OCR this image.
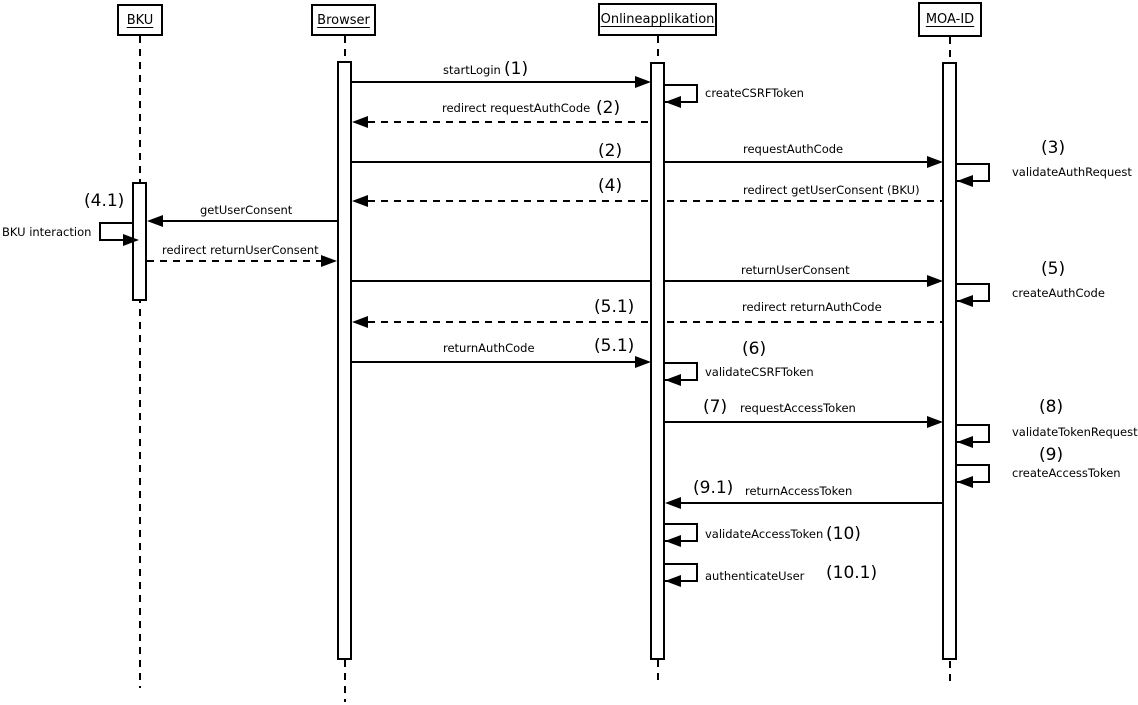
BKU	Browser	Onlineapplikation	MOA-ID
startLogin (1)
createCSRFToken
redirect requestAuthCode (2)
requestAuthCode
(2)
validateAuthRequest
(3)
redirect getUserConsent (BKU)
(4)
getUserConsent
(4.1)
BKU interaction
redirect returnUserConsent
returnUserConsent	(5)
createAuthCode
redirect returnAuthCode
(5.1)
returnAuthCode	(5.1)
validateCSRFToken
(6)
requestAccessToken
(7)
validateTokenRequest
(8)
createAccessToken
(9)
returnAccessToken
(9.1)
validateAccessToken (10)
authenticateUser (10.1)
